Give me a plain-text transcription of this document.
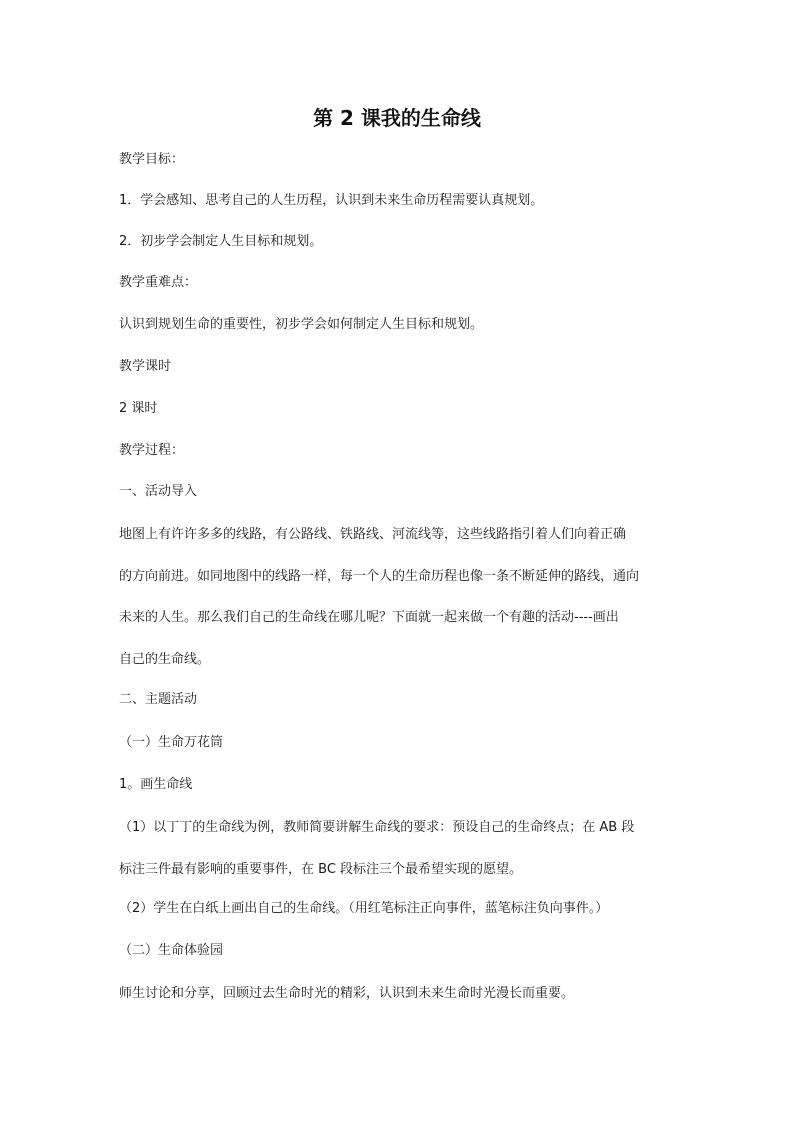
第 2 课我的生命线
教学目标：
1．学会感知、思考自己的人生历程，认识到未来生命历程需要认真规划。
2．初步学会制定人生目标和规划。
教学重难点：
认识到规划生命的重要性，初步学会如何制定人生目标和规划。
教学课时
2 课时
教学过程：
一、活动导入
地图上有许许多多的线路，有公路线、铁路线、河流线等，这些线路指引着人们向着正确
的方向前进。如同地图中的线路一样，每一个人的生命历程也像一条不断延伸的路线，通向
未来的人生。那么我们自己的生命线在哪儿呢？下面就一起来做一个有趣的活动----画出
自己的生命线。
二、主题活动
（一）生命万花筒
1。画生命线
（1）以丁丁的生命线为例，教师简要讲解生命线的要求：预设自己的生命终点；在 AB 段
标注三件最有影响的重要事件，在 BC 段标注三个最希望实现的愿望。
（2）学生在白纸上画出自己的生命线。（用红笔标注正向事件，蓝笔标注负向事件。）
（二）生命体验园
师生讨论和分享，回顾过去生命时光的精彩，认识到未来生命时光漫长而重要。
